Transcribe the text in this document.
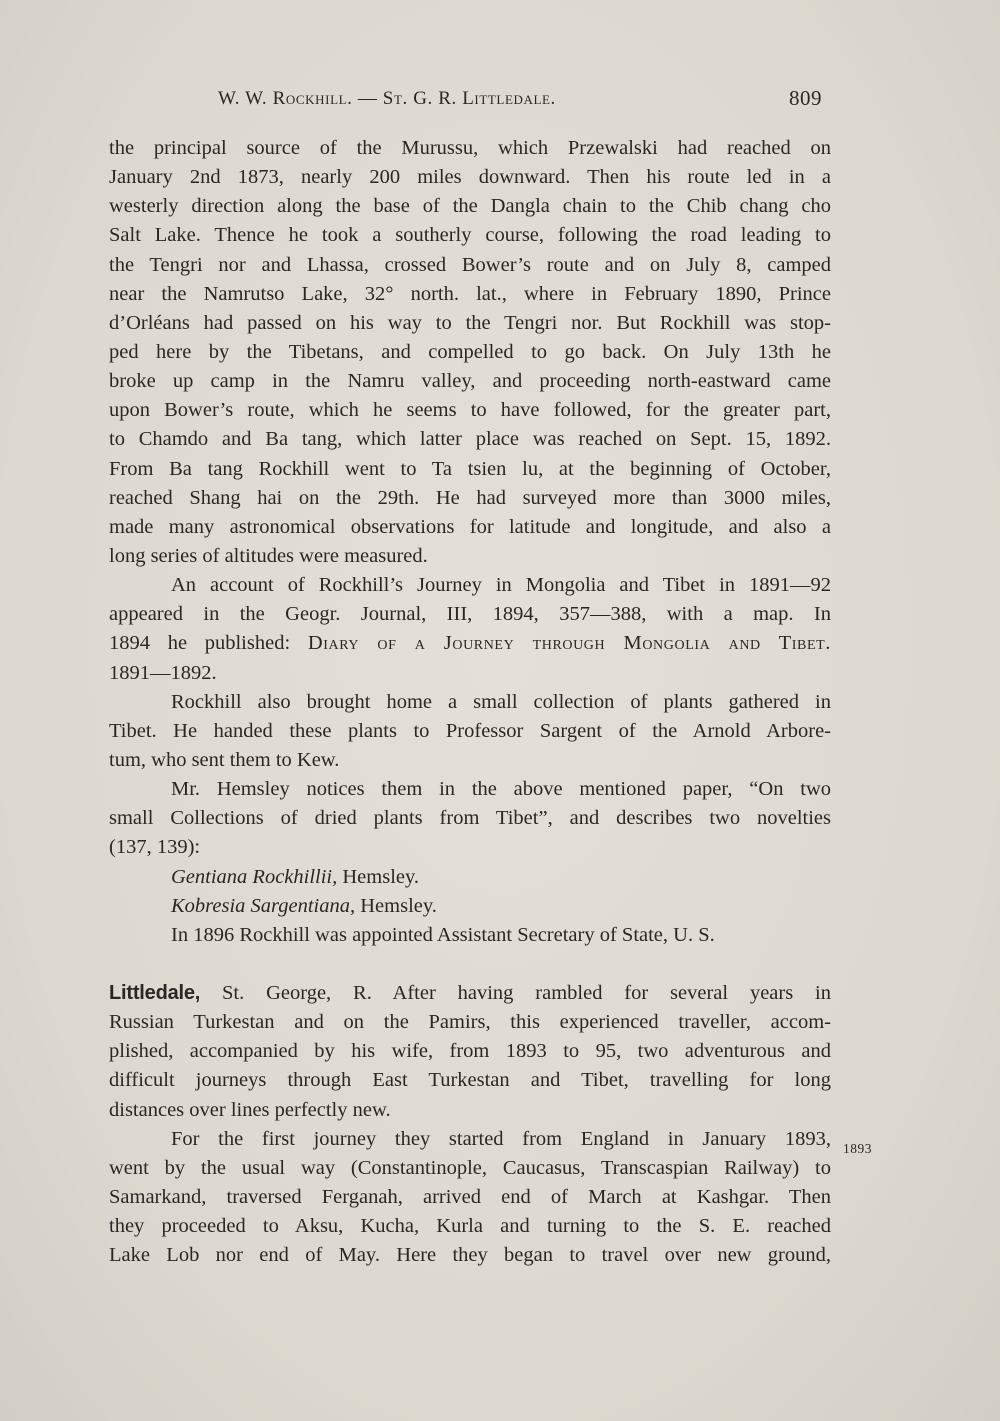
W. W. Rockhill. — St. G. R. Littledale.	809
the principal source of the Murussu, which Przewalski had reached on
January 2nd 1873, nearly 200 miles downward. Then his route led in a
westerly direction along the base of the Dangla chain to the Chib chang cho
Salt Lake. Thence he took a southerly course, following the road leading to
the Tengri nor and Lhassa, crossed Bower’s route and on July 8, camped
near the Namrutso Lake, 32° north. lat., where in February 1890, Prince
d’Orléans had passed on his way to the Tengri nor. But Rockhill was stop-
ped here by the Tibetans, and compelled to go back. On July 13th he
broke up camp in the Namru valley, and proceeding north-eastward came
upon Bower’s route, which he seems to have followed, for the greater part,
to Chamdo and Ba tang, which latter place was reached on Sept. 15, 1892.
From Ba tang Rockhill went to Ta tsien lu, at the beginning of October,
reached Shang hai on the 29th. He had surveyed more than 3000 miles,
made many astronomical observations for latitude and longitude, and also a
long series of altitudes were measured.
An account of Rockhill’s Journey in Mongolia and Tibet in 1891—92
appeared in the Geogr. Journal, III, 1894, 357—388, with a map. In
1894 he published: Diary of a Journey through Mongolia and Tibet.
1891—1892.
Rockhill also brought home a small collection of plants gathered in
Tibet. He handed these plants to Professor Sargent of the Arnold Arbore-
tum, who sent them to Kew.
Mr. Hemsley notices them in the above mentioned paper, “On two
small Collections of dried plants from Tibet”, and describes two novelties
(137, 139):
Gentiana Rockhillii, Hemsley.
Kobresia Sargentiana, Hemsley.
In 1896 Rockhill was appointed Assistant Secretary of State, U. S.
Littledale, St. George, R. After having rambled for several years in
Russian Turkestan and on the Pamirs, this experienced traveller, accom-
plished, accompanied by his wife, from 1893 to 95, two adventurous and
difficult journeys through East Turkestan and Tibet, travelling for long
distances over lines perfectly new.
For the first journey they started from England in January 1893,
went by the usual way (Constantinople, Caucasus, Transcaspian Railway) to
Samarkand, traversed Ferganah, arrived end of March at Kashgar. Then
they proceeded to Aksu, Kucha, Kurla and turning to the S. E. reached
Lake Lob nor end of May. Here they began to travel over new ground,
1893
